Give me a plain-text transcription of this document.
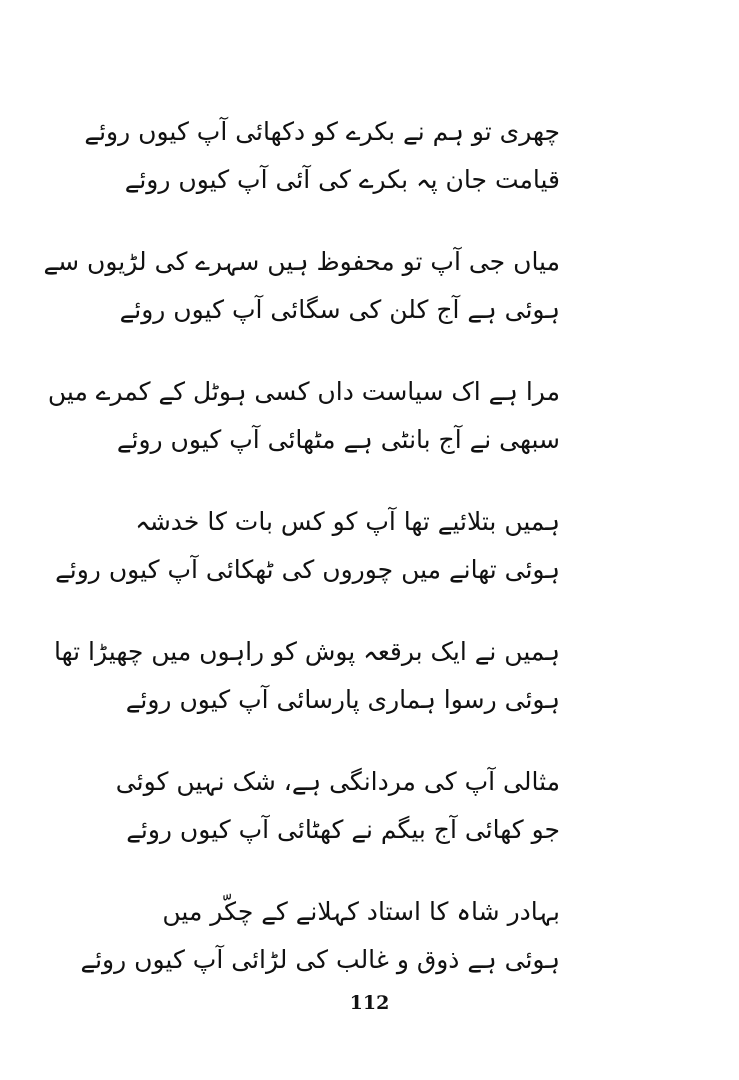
چھری تو ہم نے بکرے کو دکھائی آپ کیوں روئے
قیامت جان پہ بکرے کی آئی آپ کیوں روئے
میاں جی آپ تو محفوظ ہیں سہرے کی لڑیوں سے
ہوئی ہے آج کلن کی سگائی آپ کیوں روئے
مرا ہے اک سیاست داں کسی ہوٹل کے کمرے میں
سبھی نے آج بانٹی ہے مٹھائی آپ کیوں روئے
ہمیں بتلائیے تھا آپ کو کس بات کا خدشہ
ہوئی تھانے میں چوروں کی ٹھکائی آپ کیوں روئے
ہمیں نے ایک برقعہ پوش کو راہوں میں چھیڑا تھا
ہوئی رسوا ہماری پارسائی آپ کیوں روئے
مثالی آپ کی مردانگی ہے، شک نہیں کوئی
جو کھائی آج بیگم نے کھٹائی آپ کیوں روئے
بہادر شاہ کا استاد کہلانے کے چکّر میں
ہوئی ہے ذوق و غالب کی لڑائی آپ کیوں روئے
112
